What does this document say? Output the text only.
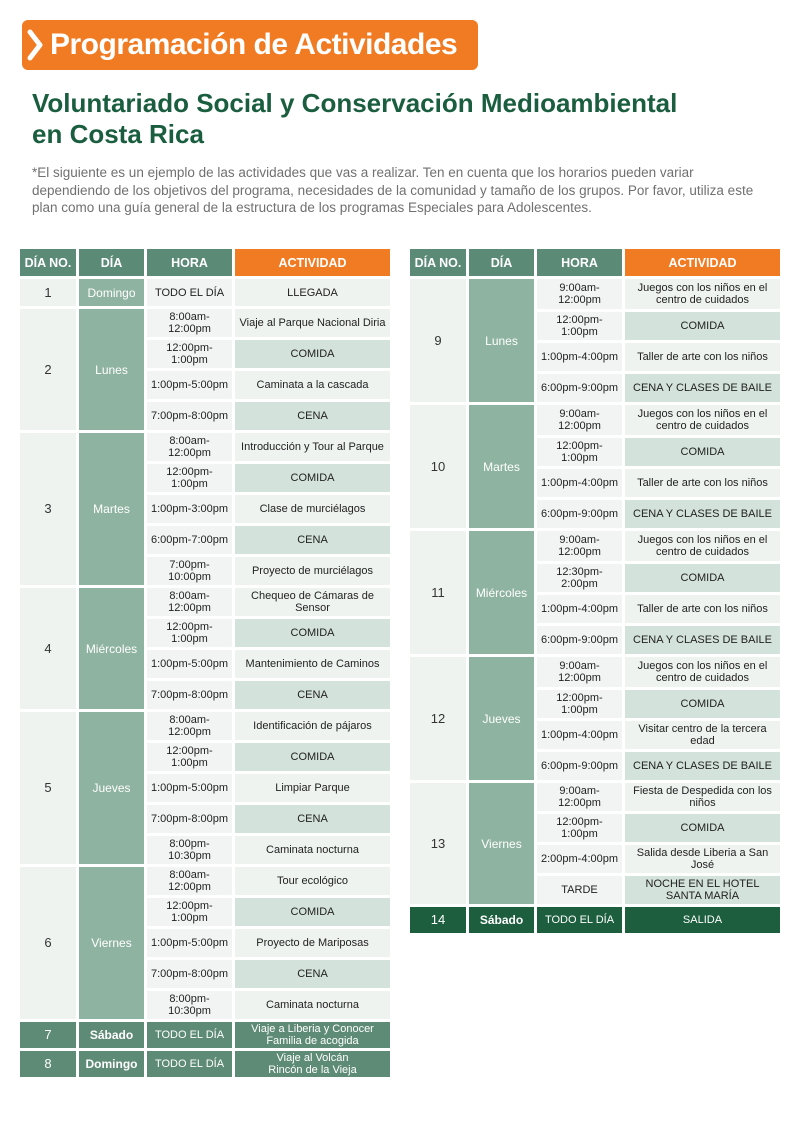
Programación de Actividades
Voluntariado Social y Conservación Medioambiental
en Costa Rica
*El siguiente es un ejemplo de las actividades que vas a realizar. Ten en cuenta que los horarios pueden variar dependiendo de los objetivos del programa, necesidades de la comunidad y tamaño de los grupos. Por favor, utiliza este plan como una guía general de la estructura de los programas Especiales para Adolescentes.
DÍA NO.	DÍA	HORA	ACTIVIDAD
1	Domingo	TODO EL DÍA	LLEGADA
2	Lunes	8:00am-12:00pm	Viaje al Parque Nacional Diria
		12:00pm-1:00pm	COMIDA
		1:00pm-5:00pm	Caminata a la cascada
		7:00pm-8:00pm	CENA
3	Martes	8:00am-12:00pm	Introducción y Tour al Parque
		12:00pm-1:00pm	COMIDA
		1:00pm-3:00pm	Clase de murciélagos
		6:00pm-7:00pm	CENA
		7:00pm-10:00pm	Proyecto de murciélagos
4	Miércoles	8:00am-12:00pm	Chequeo de Cámaras de Sensor
		12:00pm-1:00pm	COMIDA
		1:00pm-5:00pm	Mantenimiento de Caminos
		7:00pm-8:00pm	CENA
5	Jueves	8:00am-12:00pm	Identificación de pájaros
		12:00pm-1:00pm	COMIDA
		1:00pm-5:00pm	Limpiar Parque
		7:00pm-8:00pm	CENA
		8:00pm-10:30pm	Caminata nocturna
6	Viernes	8:00am-12:00pm	Tour ecológico
		12:00pm-1:00pm	COMIDA
		1:00pm-5:00pm	Proyecto de Mariposas
		7:00pm-8:00pm	CENA
		8:00pm-10:30pm	Caminata nocturna
7	Sábado	TODO EL DÍA	Viaje a Liberia y Conocer
Familia de acogida
8	Domingo	TODO EL DÍA	Viaje al Volcán
Rincón de la Vieja
DÍA NO.	DÍA	HORA	ACTIVIDAD
9	Lunes	9:00am-12:00pm	Juegos con los niños en el
centro de cuidados
		12:00pm-1:00pm	COMIDA
		1:00pm-4:00pm	Taller de arte con los niños
		6:00pm-9:00pm	CENA Y CLASES DE BAILE
10	Martes	9:00am-12:00pm	Juegos con los niños en el
centro de cuidados
		12:00pm-1:00pm	COMIDA
		1:00pm-4:00pm	Taller de arte con los niños
		6:00pm-9:00pm	CENA Y CLASES DE BAILE
11	Miércoles	9:00am-12:00pm	Juegos con los niños en el
centro de cuidados
		12:30pm-2:00pm	COMIDA
		1:00pm-4:00pm	Taller de arte con los niños
		6:00pm-9:00pm	CENA Y CLASES DE BAILE
12	Jueves	9:00am-12:00pm	Juegos con los niños en el
centro de cuidados
		12:00pm-1:00pm	COMIDA
		1:00pm-4:00pm	Visitar centro de la tercera edad
		6:00pm-9:00pm	CENA Y CLASES DE BAILE
13	Viernes	9:00am-12:00pm	Fiesta de Despedida con los niños
		12:00pm-1:00pm	COMIDA
		2:00pm-4:00pm	Salida desde Liberia a San José
		TARDE	NOCHE EN EL HOTEL
SANTA MARÍA
14	Sábado	TODO EL DÍA	SALIDA
